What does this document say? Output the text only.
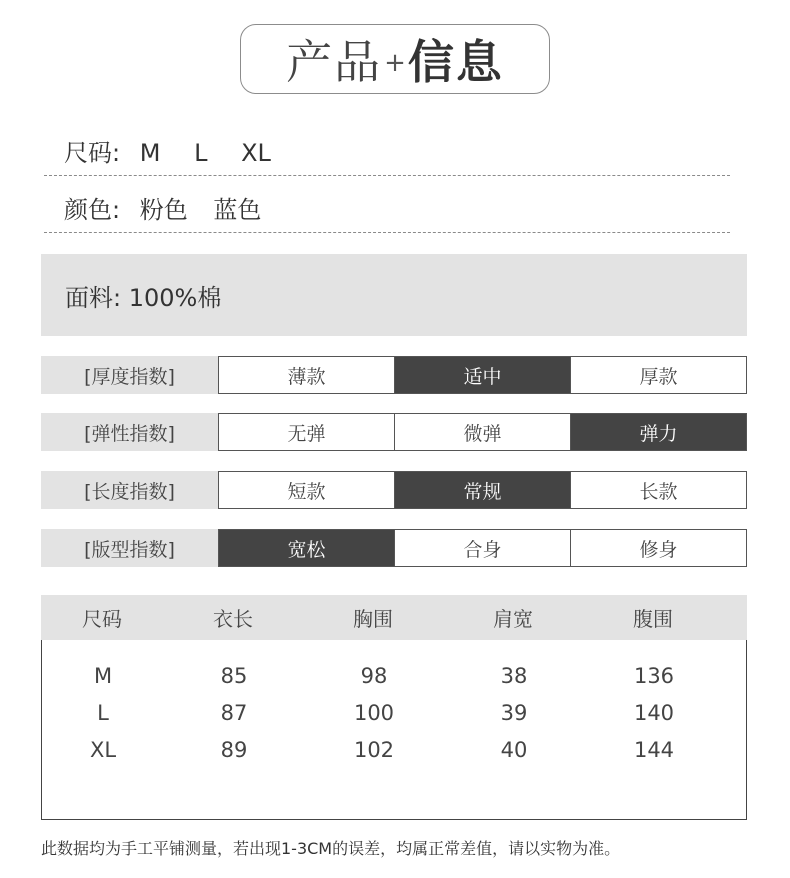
产品 + 信息
尺码: M L XL
颜色: 粉色 蓝色
面料: 100%棉
[厚度指数]	薄款	适中	厚款
[弹性指数]	无弹	微弹	弹力
[长度指数]	短款	常规	长款
[版型指数]	宽松	合身	修身
尺码	衣长	胸围	肩宽	腹围
M	85	98	38	136
L	87	100	39	140
XL	89	102	40	144
此数据均为手工平铺测量，若出现1-3CM的误差，均属正常差值，请以实物为准。
